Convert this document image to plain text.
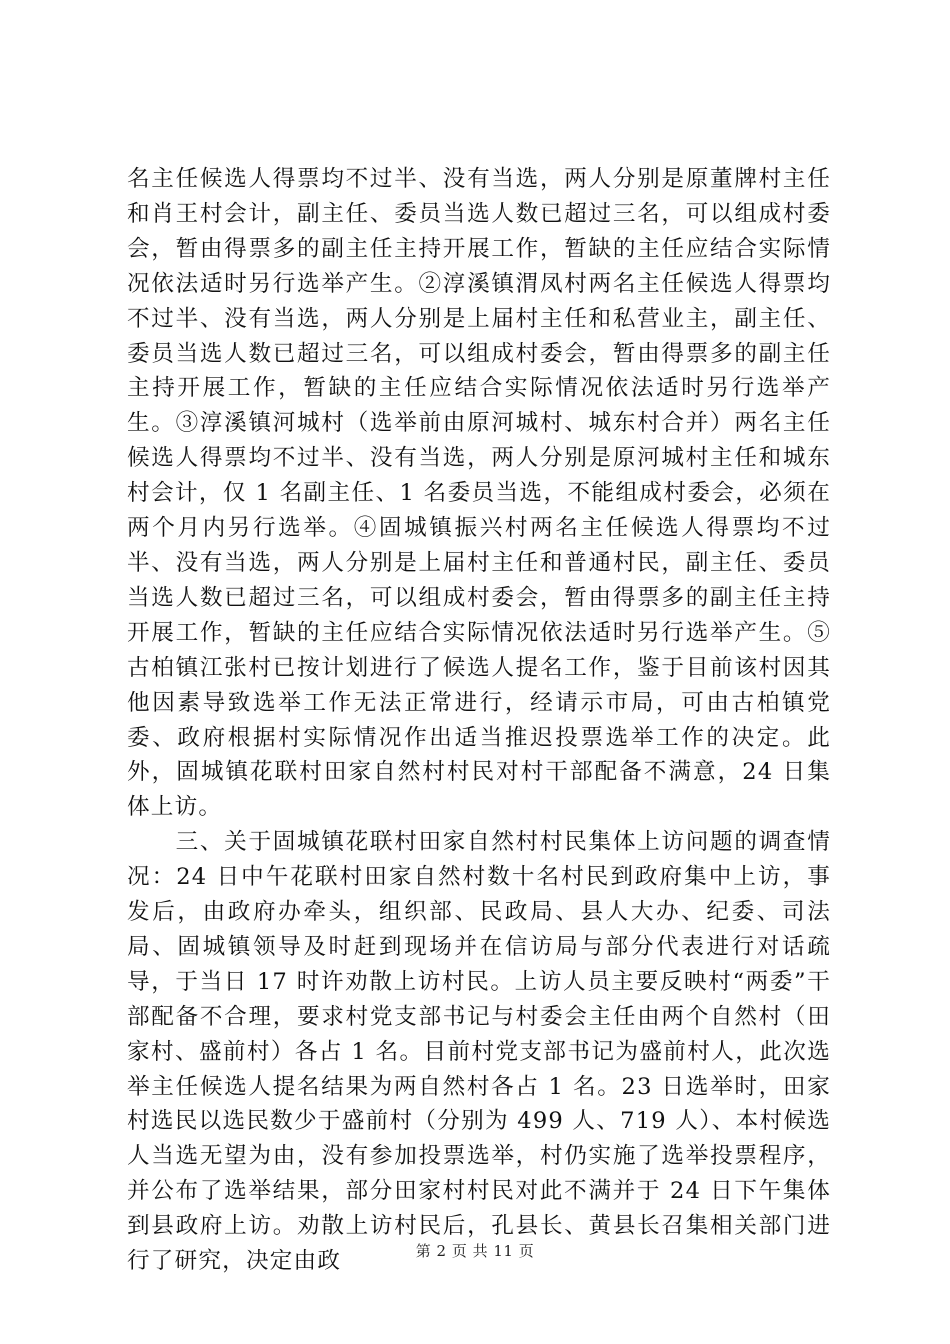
名主任候选人得票均不过半、没有当选，两人分别是原董牌村主任和肖王村会计，副主任、委员当选人数已超过三名，可以组成村委会，暂由得票多的副主任主持开展工作，暂缺的主任应结合实际情况依法适时另行选举产生。②淳溪镇渭凤村两名主任候选人得票均不过半、没有当选，两人分别是上届村主任和私营业主，副主任、委员当选人数已超过三名，可以组成村委会，暂由得票多的副主任主持开展工作，暂缺的主任应结合实际情况依法适时另行选举产生。③淳溪镇河城村（选举前由原河城村、城东村合并）两名主任候选人得票均不过半、没有当选，两人分别是原河城村主任和城东村会计，仅 1 名副主任、1 名委员当选，不能组成村委会，必须在两个月内另行选举。④固城镇振兴村两名主任候选人得票均不过半、没有当选，两人分别是上届村主任和普通村民，副主任、委员当选人数已超过三名，可以组成村委会，暂由得票多的副主任主持开展工作，暂缺的主任应结合实际情况依法适时另行选举产生。⑤古柏镇江张村已按计划进行了候选人提名工作，鉴于目前该村因其他因素导致选举工作无法正常进行，经请示市局，可由古柏镇党委、政府根据村实际情况作出适当推迟投票选举工作的决定。此外，固城镇花联村田家自然村村民对村干部配备不满意，24 日集体上访。

　　三、关于固城镇花联村田家自然村村民集体上访问题的调查情况：24 日中午花联村田家自然村数十名村民到政府集中上访，事发后，由政府办牵头，组织部、民政局、县人大办、纪委、司法局、固城镇领导及时赶到现场并在信访局与部分代表进行对话疏导，于当日 17 时许劝散上访村民。上访人员主要反映村“两委”干部配备不合理，要求村党支部书记与村委会主任由两个自然村（田家村、盛前村）各占 1 名。目前村党支部书记为盛前村人，此次选举主任候选人提名结果为两自然村各占 1 名。23 日选举时，田家村选民以选民数少于盛前村（分别为 499 人、719 人）、本村候选人当选无望为由，没有参加投票选举，村仍实施了选举投票程序，并公布了选举结果，部分田家村村民对此不满并于 24 日下午集体到县政府上访。劝散上访村民后，孔县长、黄县长召集相关部门进行了研究，决定由政	第 2 页 共 11 页
